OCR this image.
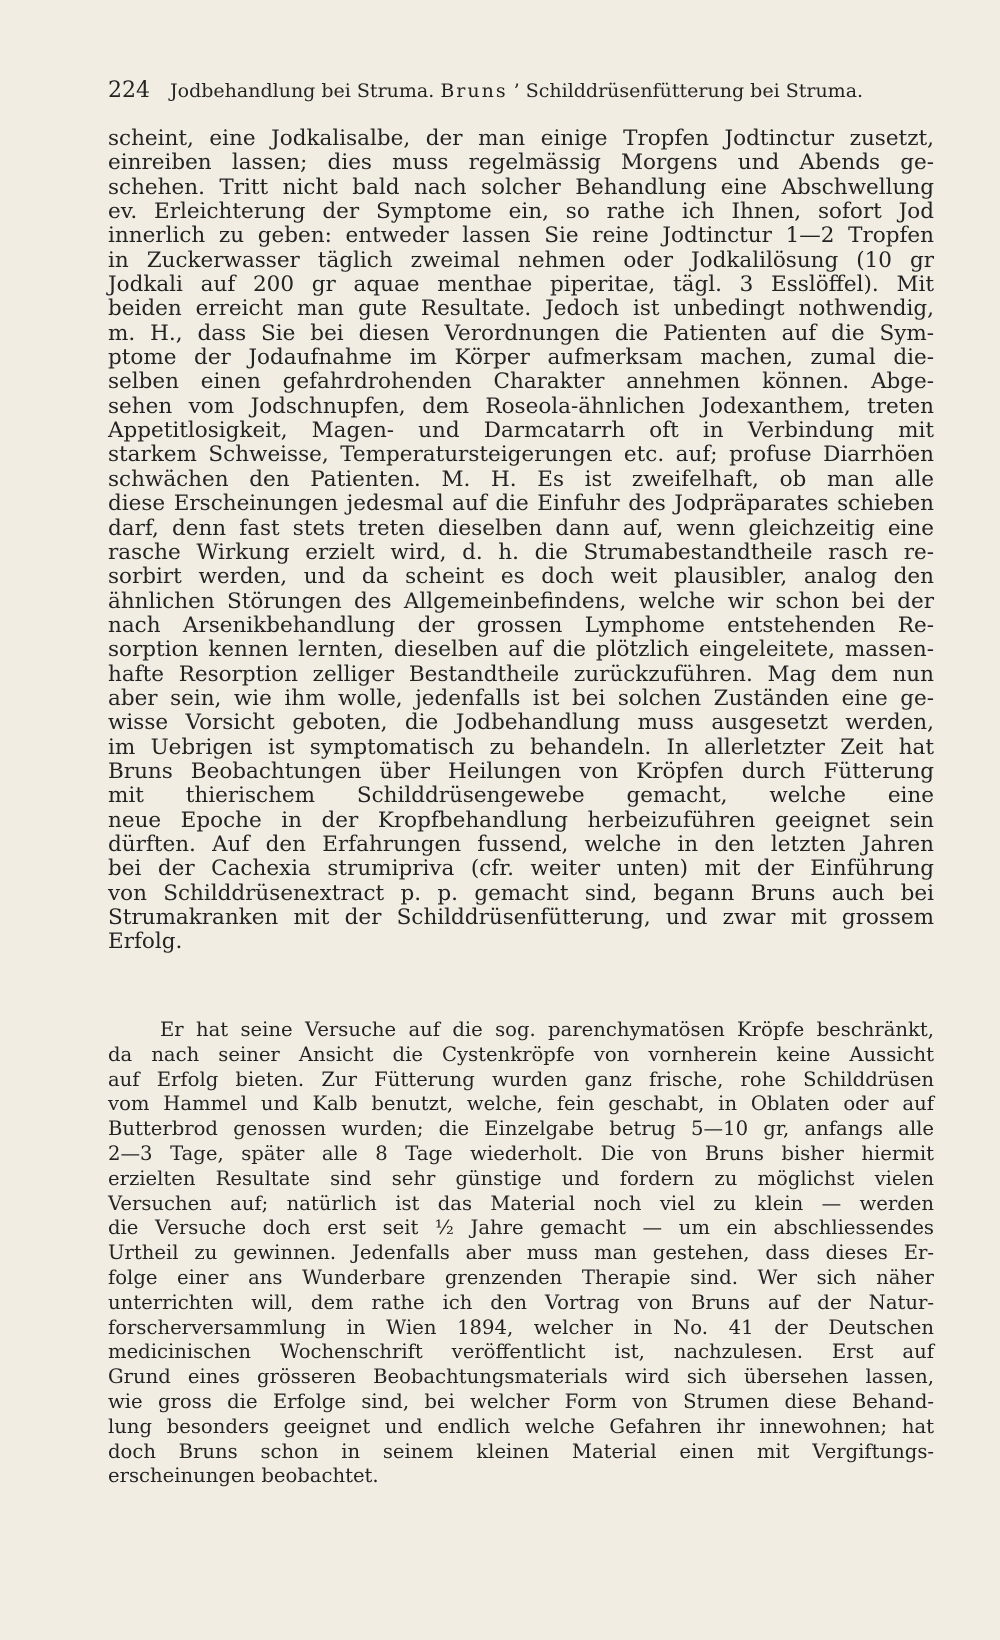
224 Jodbehandlung bei Struma. Bruns ’ Schilddrüsenfütterung bei Struma.
scheint, eine Jodkalisalbe, der man einige Tropfen Jodtinctur zusetzt,
einreiben lassen; dies muss regelmässig Morgens und Abends ge-
schehen. Tritt nicht bald nach solcher Behandlung eine Abschwellung
ev. Erleichterung der Symptome ein, so rathe ich Ihnen, sofort Jod
innerlich zu geben: entweder lassen Sie reine Jodtinctur 1—2 Tropfen
in Zuckerwasser täglich zweimal nehmen oder Jodkalilösung (10 gr
Jodkali auf 200 gr aquae menthae piperitae, tägl. 3 Esslöffel). Mit
beiden erreicht man gute Resultate. Jedoch ist unbedingt nothwendig,
m. H., dass Sie bei diesen Verordnungen die Patienten auf die Sym-
ptome der Jodaufnahme im Körper aufmerksam machen, zumal die-
selben einen gefahrdrohenden Charakter annehmen können. Abge-
sehen vom Jodschnupfen, dem Roseola-ähnlichen Jodexanthem, treten
Appetitlosigkeit, Magen- und Darmcatarrh oft in Verbindung mit
starkem Schweisse, Temperatursteigerungen etc. auf; profuse Diarrhöen
schwächen den Patienten. M. H. Es ist zweifelhaft, ob man alle
diese Erscheinungen jedesmal auf die Einfuhr des Jodpräparates schieben
darf, denn fast stets treten dieselben dann auf, wenn gleichzeitig eine
rasche Wirkung erzielt wird, d. h. die Strumabestandtheile rasch re-
sorbirt werden, und da scheint es doch weit plausibler, analog den
ähnlichen Störungen des Allgemeinbefindens, welche wir schon bei der
nach Arsenikbehandlung der grossen Lymphome entstehenden Re-
sorption kennen lernten, dieselben auf die plötzlich eingeleitete, massen-
hafte Resorption zelliger Bestandtheile zurückzuführen. Mag dem nun
aber sein, wie ihm wolle, jedenfalls ist bei solchen Zuständen eine ge-
wisse Vorsicht geboten, die Jodbehandlung muss ausgesetzt werden,
im Uebrigen ist symptomatisch zu behandeln. In allerletzter Zeit hat
Bruns Beobachtungen über Heilungen von Kröpfen durch Fütterung
mit thierischem Schilddrüsengewebe gemacht, welche eine
neue Epoche in der Kropfbehandlung herbeizuführen geeignet sein
dürften. Auf den Erfahrungen fussend, welche in den letzten Jahren
bei der Cachexia strumipriva (cfr. weiter unten) mit der Einführung
von Schilddrüsenextract p. p. gemacht sind, begann Bruns auch bei
Strumakranken mit der Schilddrüsenfütterung, und zwar mit grossem
Erfolg.
Er hat seine Versuche auf die sog. parenchymatösen Kröpfe beschränkt,
da nach seiner Ansicht die Cystenkröpfe von vornherein keine Aussicht
auf Erfolg bieten. Zur Fütterung wurden ganz frische, rohe Schilddrüsen
vom Hammel und Kalb benutzt, welche, fein geschabt, in Oblaten oder auf
Butterbrod genossen wurden; die Einzelgabe betrug 5—10 gr, anfangs alle
2—3 Tage, später alle 8 Tage wiederholt. Die von Bruns bisher hiermit
erzielten Resultate sind sehr günstige und fordern zu möglichst vielen
Versuchen auf; natürlich ist das Material noch viel zu klein — werden
die Versuche doch erst seit ½ Jahre gemacht — um ein abschliessendes
Urtheil zu gewinnen. Jedenfalls aber muss man gestehen, dass dieses Er-
folge einer ans Wunderbare grenzenden Therapie sind. Wer sich näher
unterrichten will, dem rathe ich den Vortrag von Bruns auf der Natur-
forscherversammlung in Wien 1894, welcher in No. 41 der Deutschen
medicinischen Wochenschrift veröffentlicht ist, nachzulesen. Erst auf
Grund eines grösseren Beobachtungsmaterials wird sich übersehen lassen,
wie gross die Erfolge sind, bei welcher Form von Strumen diese Behand-
lung besonders geeignet und endlich welche Gefahren ihr innewohnen; hat
doch Bruns schon in seinem kleinen Material einen mit Vergiftungs-
erscheinungen beobachtet.
